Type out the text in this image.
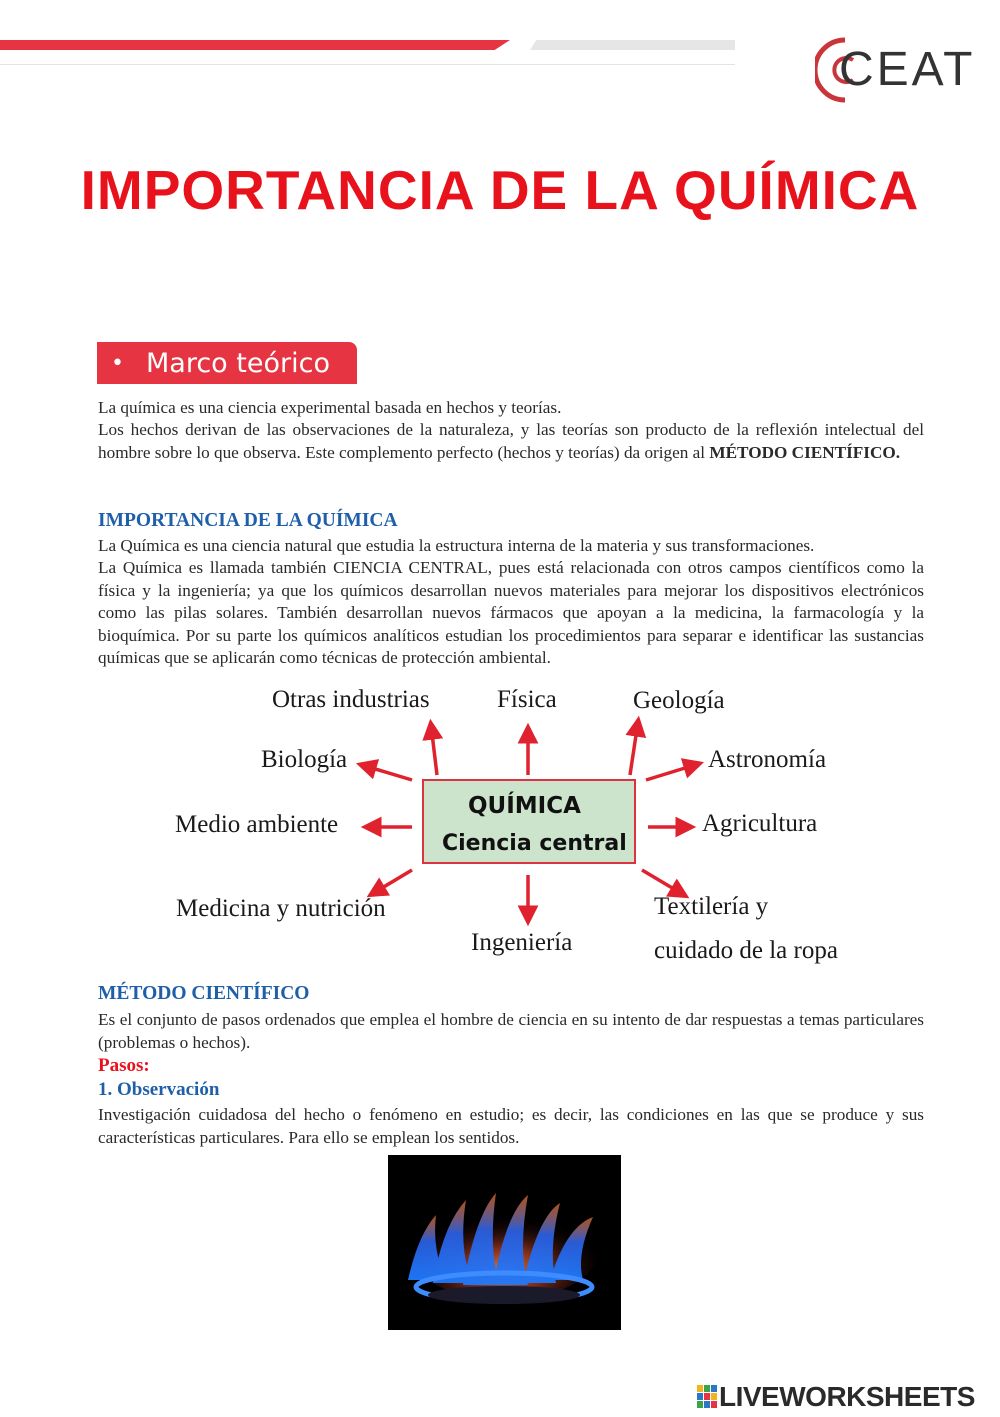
CEAT
IMPORTANCIA DE LA QUÍMICA
• Marco teórico
La química es una ciencia experimental basada en hechos y teorías.
Los hechos derivan de las observaciones de la naturaleza, y las teorías son producto de la reflexión intelectual del hombre sobre lo que observa. Este complemento perfecto (hechos y teorías) da origen al MÉTODO CIENTÍFICO.
IMPORTANCIA DE LA QUÍMICA
La Química es una ciencia natural que estudia la estructura interna de la materia y sus transformaciones.
La Química es llamada también CIENCIA CENTRAL, pues está relacionada con otros campos científicos como la física y la ingeniería; ya que los químicos desarrollan nuevos materiales para mejorar los dispositivos electrónicos como las pilas solares. También desarrollan nuevos fármacos que apoyan a la medicina, la farmacología y la bioquímica. Por su parte los químicos analíticos estudian los procedimientos para separar e identificar las sustancias químicas que se aplicarán como técnicas de protección ambiental.
Otras industrias	Física	Geología
Biología	Astronomía
Medio ambiente	Agricultura
Medicina y nutrición
Ingeniería
Textilería y
cuidado de la ropa
QUÍMICA
Ciencia central
MÉTODO CIENTÍFICO
Es el conjunto de pasos ordenados que emplea el hombre de ciencia en su intento de dar respuestas a temas particulares (problemas o hechos).
Pasos:
1. Observación
Investigación cuidadosa del hecho o fenómeno en estudio; es decir, las condiciones en las que se produce y sus características particulares. Para ello se emplean los sentidos.
LIVEWORKSHEETS
